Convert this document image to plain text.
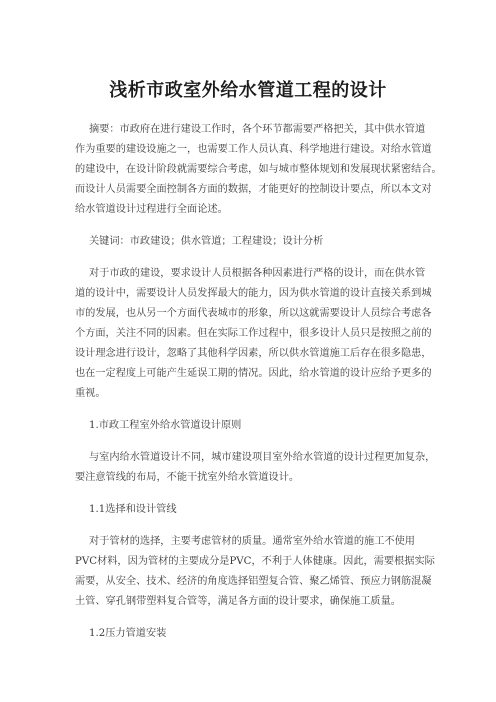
浅析市政室外给水管道工程的设计
摘要：市政府在进行建设工作时，各个环节都需要严格把关，其中供水管道
作为重要的建设设施之一，也需要工作人员认真、科学地进行建设。对给水管道
的建设中，在设计阶段就需要综合考虑，如与城市整体规划和发展现状紧密结合。
而设计人员需要全面控制各方面的数据，才能更好的控制设计要点，所以本文对
给水管道设计过程进行全面论述。
关键词：市政建设；供水管道；工程建设；设计分析
对于市政的建设，要求设计人员根据各种因素进行严格的设计，而在供水管
道的设计中，需要设计人员发挥最大的能力，因为供水管道的设计直接关系到城
市的发展，也从另一个方面代表城市的形象，所以这就需要设计人员综合考虑各
个方面，关注不同的因素。但在实际工作过程中，很多设计人员只是按照之前的
设计理念进行设计，忽略了其他科学因素，所以供水管道施工后存在很多隐患，
也在一定程度上可能产生延误工期的情况。因此，给水管道的设计应给予更多的
重视。
1.市政工程室外给水管道设计原则
与室内给水管道设计不同，城市建设项目室外给水管道的设计过程更加复杂，
要注意管线的布局，不能干扰室外给水管道设计。
1.1选择和设计管线
对于管材的选择，主要考虑管材的质量。通常室外给水管道的施工不使用
PVC材料，因为管材的主要成分是PVC，不利于人体健康。因此，需要根据实际
需要，从安全、技术、经济的角度选择铝塑复合管、聚乙烯管、预应力钢筋混凝
土管、穿孔钢带塑料复合管等，满足各方面的设计要求，确保施工质量。
1.2压力管道安装
